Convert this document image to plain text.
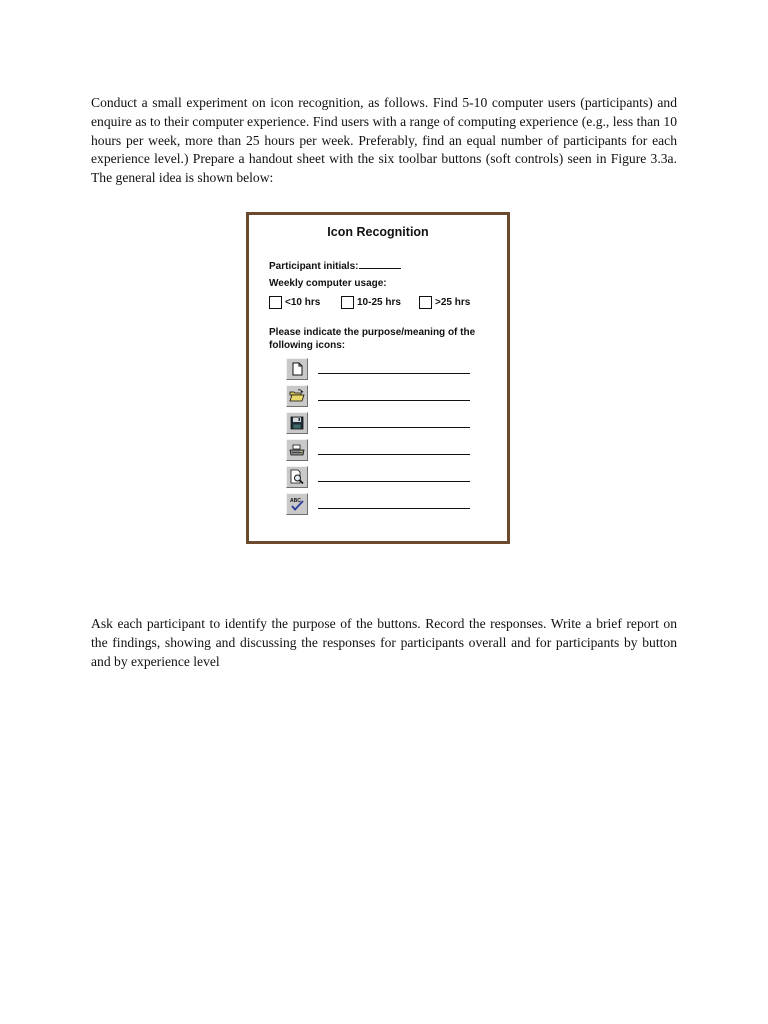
Conduct a small experiment on icon recognition, as follows. Find 5-10 computer users (participants) and enquire as to their computer experience. Find users with a range of computing experience (e.g., less than 10 hours per week, more than 25 hours per week. Preferably, find an equal number of participants for each experience level.) Prepare a handout sheet with the six toolbar buttons (soft controls) seen in Figure 3.3a. The general idea is shown below:

Icon Recognition
Participant initials:
Weekly computer usage:
<10 hrs	10-25 hrs	>25 hrs
Please indicate the purpose/meaning of the
following icons:
ABC

Ask each participant to identify the purpose of the buttons. Record the responses. Write a brief report on the findings, showing and discussing the responses for participants overall and for participants by button and by experience level
